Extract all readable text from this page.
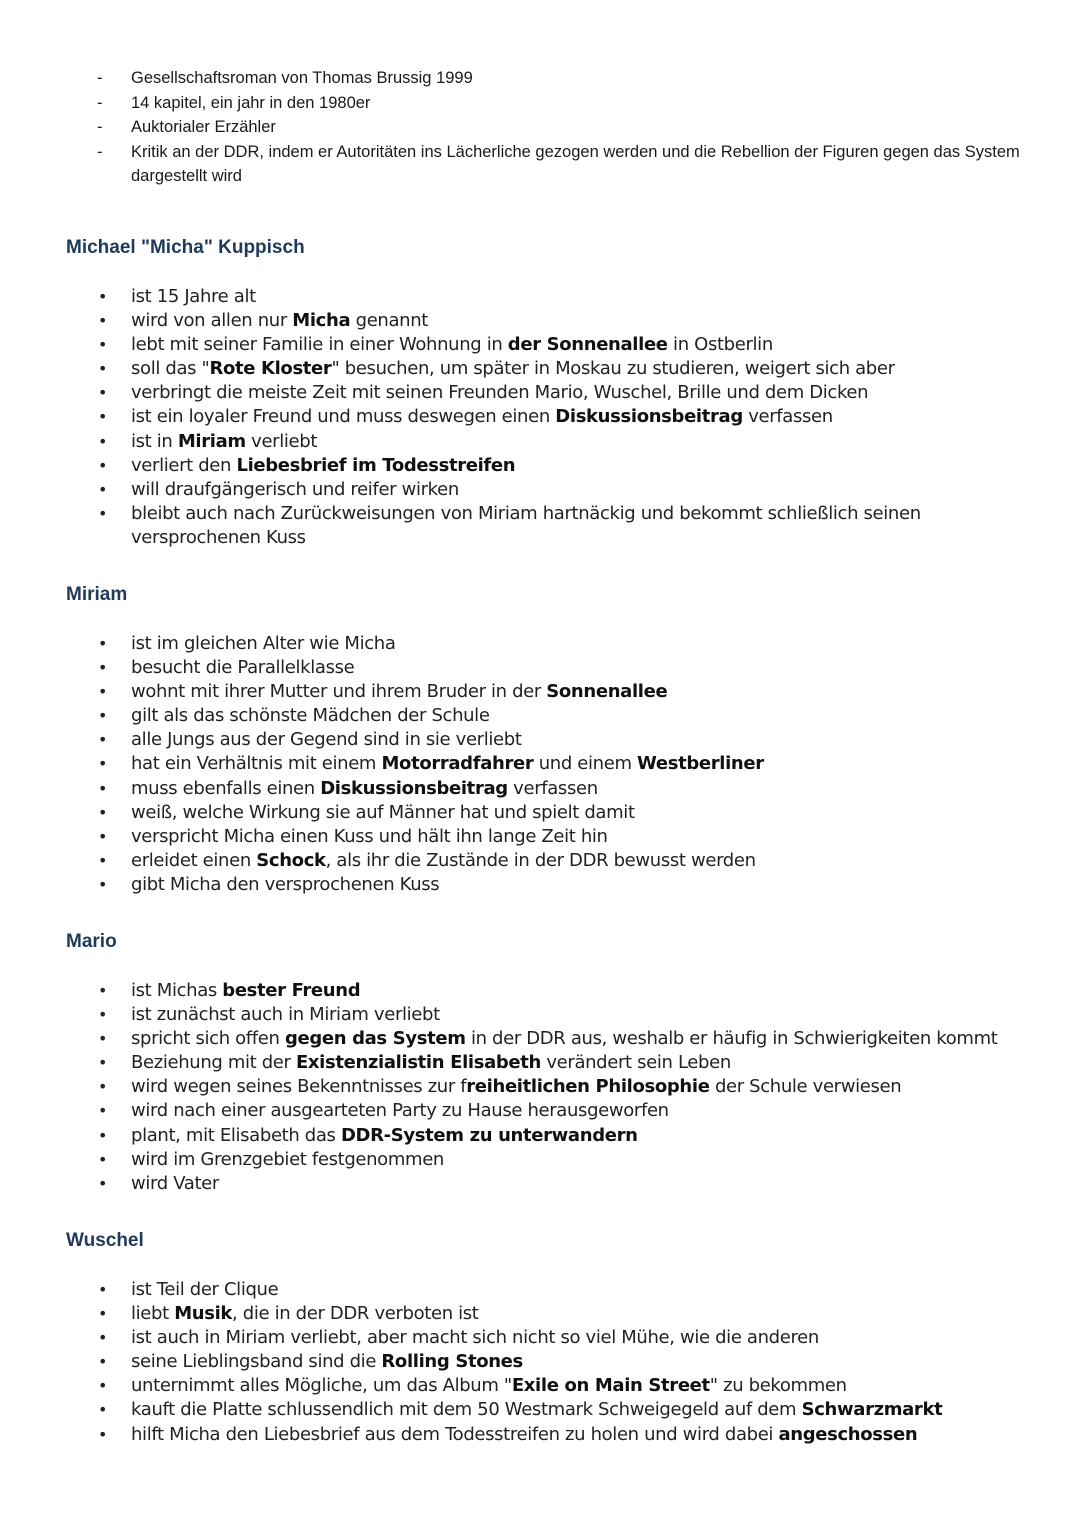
- Gesellschaftsroman von Thomas Brussig 1999
- 14 kapitel, ein jahr in den 1980er
- Auktorialer Erzähler
- Kritik an der DDR, indem er Autoritäten ins Lächerliche gezogen werden und die Rebellion der Figuren gegen das System dargestellt wird
Michael "Micha" Kuppisch
• ist 15 Jahre alt
• wird von allen nur Micha genannt
• lebt mit seiner Familie in einer Wohnung in der Sonnenallee in Ostberlin
• soll das "Rote Kloster" besuchen, um später in Moskau zu studieren, weigert sich aber
• verbringt die meiste Zeit mit seinen Freunden Mario, Wuschel, Brille und dem Dicken
• ist ein loyaler Freund und muss deswegen einen Diskussionsbeitrag verfassen
• ist in Miriam verliebt
• verliert den Liebesbrief im Todesstreifen
• will draufgängerisch und reifer wirken
• bleibt auch nach Zurückweisungen von Miriam hartnäckig und bekommt schließlich seinen versprochenen Kuss
Miriam
• ist im gleichen Alter wie Micha
• besucht die Parallelklasse
• wohnt mit ihrer Mutter und ihrem Bruder in der Sonnenallee
• gilt als das schönste Mädchen der Schule
• alle Jungs aus der Gegend sind in sie verliebt
• hat ein Verhältnis mit einem Motorradfahrer und einem Westberliner
• muss ebenfalls einen Diskussionsbeitrag verfassen
• weiß, welche Wirkung sie auf Männer hat und spielt damit
• verspricht Micha einen Kuss und hält ihn lange Zeit hin
• erleidet einen Schock, als ihr die Zustände in der DDR bewusst werden
• gibt Micha den versprochenen Kuss
Mario
• ist Michas bester Freund
• ist zunächst auch in Miriam verliebt
• spricht sich offen gegen das System in der DDR aus, weshalb er häufig in Schwierigkeiten kommt
• Beziehung mit der Existenzialistin Elisabeth verändert sein Leben
• wird wegen seines Bekenntnisses zur freiheitlichen Philosophie der Schule verwiesen
• wird nach einer ausgearteten Party zu Hause herausgeworfen
• plant, mit Elisabeth das DDR-System zu unterwandern
• wird im Grenzgebiet festgenommen
• wird Vater
Wuschel
• ist Teil der Clique
• liebt Musik, die in der DDR verboten ist
• ist auch in Miriam verliebt, aber macht sich nicht so viel Mühe, wie die anderen
• seine Lieblingsband sind die Rolling Stones
• unternimmt alles Mögliche, um das Album "Exile on Main Street" zu bekommen
• kauft die Platte schlussendlich mit dem 50 Westmark Schweigegeld auf dem Schwarzmarkt
• hilft Micha den Liebesbrief aus dem Todesstreifen zu holen und wird dabei angeschossen
